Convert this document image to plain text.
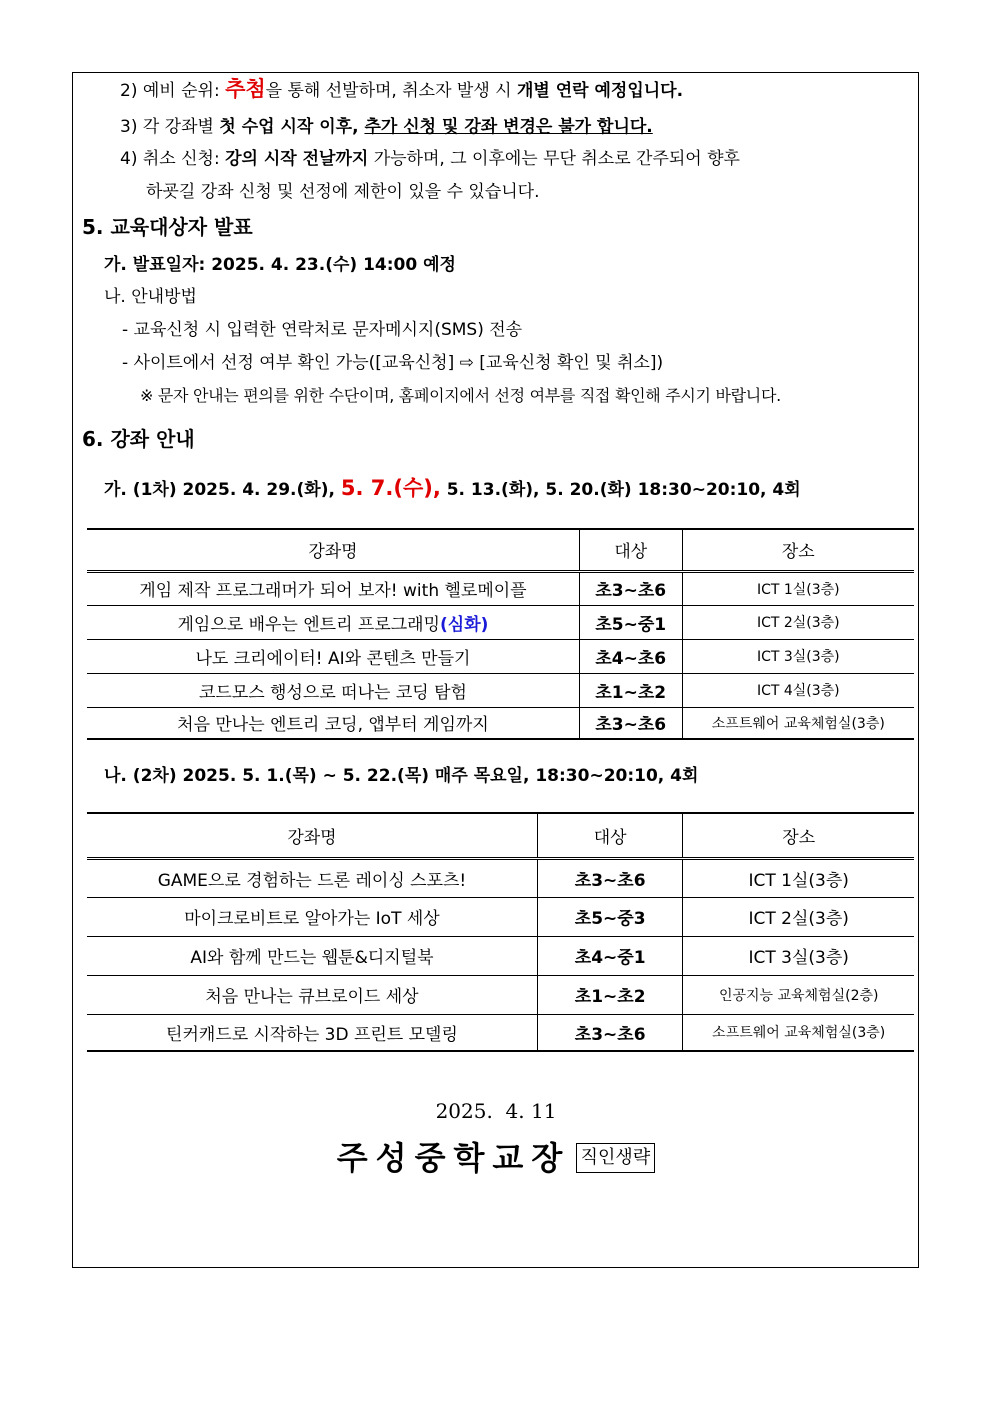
2) 예비 순위: 추첨을 통해 선발하며, 취소자 발생 시 개별 연락 예정입니다.
3) 각 강좌별 첫 수업 시작 이후, 추가 신청 및 강좌 변경은 불가 합니다.
4) 취소 신청: 강의 시작 전날까지 가능하며, 그 이후에는 무단 취소로 간주되어 향후
하굣길 강좌 신청 및 선정에 제한이 있을 수 있습니다.
5. 교육대상자 발표
가. 발표일자: 2025. 4. 23.(수) 14:00 예정
나. 안내방법
- 교육신청 시 입력한 연락처로 문자메시지(SMS) 전송
- 사이트에서 선정 여부 확인 가능([교육신청] ⇨ [교육신청 확인 및 취소])
※ 문자 안내는 편의를 위한 수단이며, 홈페이지에서 선정 여부를 직접 확인해 주시기 바랍니다.
6. 강좌 안내
가. (1차) 2025. 4. 29.(화), 5. 7.(수), 5. 13.(화), 5. 20.(화) 18:30~20:10, 4회
강좌명	대상	장소
게임 제작 프로그래머가 되어 보자! with 헬로메이플	초3~초6	ICT 1실(3층)
게임으로 배우는 엔트리 프로그래밍(심화)	초5~중1	ICT 2실(3층)
나도 크리에이터! AI와 콘텐츠 만들기	초4~초6	ICT 3실(3층)
코드모스 행성으로 떠나는 코딩 탐험	초1~초2	ICT 4실(3층)
처음 만나는 엔트리 코딩, 앱부터 게임까지	초3~초6	소프트웨어 교육체험실(3층)
나. (2차) 2025. 5. 1.(목) ~ 5. 22.(목) 매주 목요일, 18:30~20:10, 4회
강좌명	대상	장소
GAME으로 경험하는 드론 레이싱 스포츠!	초3~초6	ICT 1실(3층)
마이크로비트로 알아가는 IoT 세상	초5~중3	ICT 2실(3층)
AI와 함께 만드는 웹툰&디지털북	초4~중1	ICT 3실(3층)
처음 만나는 큐브로이드 세상	초1~초2	인공지능 교육체험실(2층)
틴커캐드로 시작하는 3D 프린트 모델링	초3~초6	소프트웨어 교육체험실(3층)
2025.  4. 11
주성중학교장 직인생략
